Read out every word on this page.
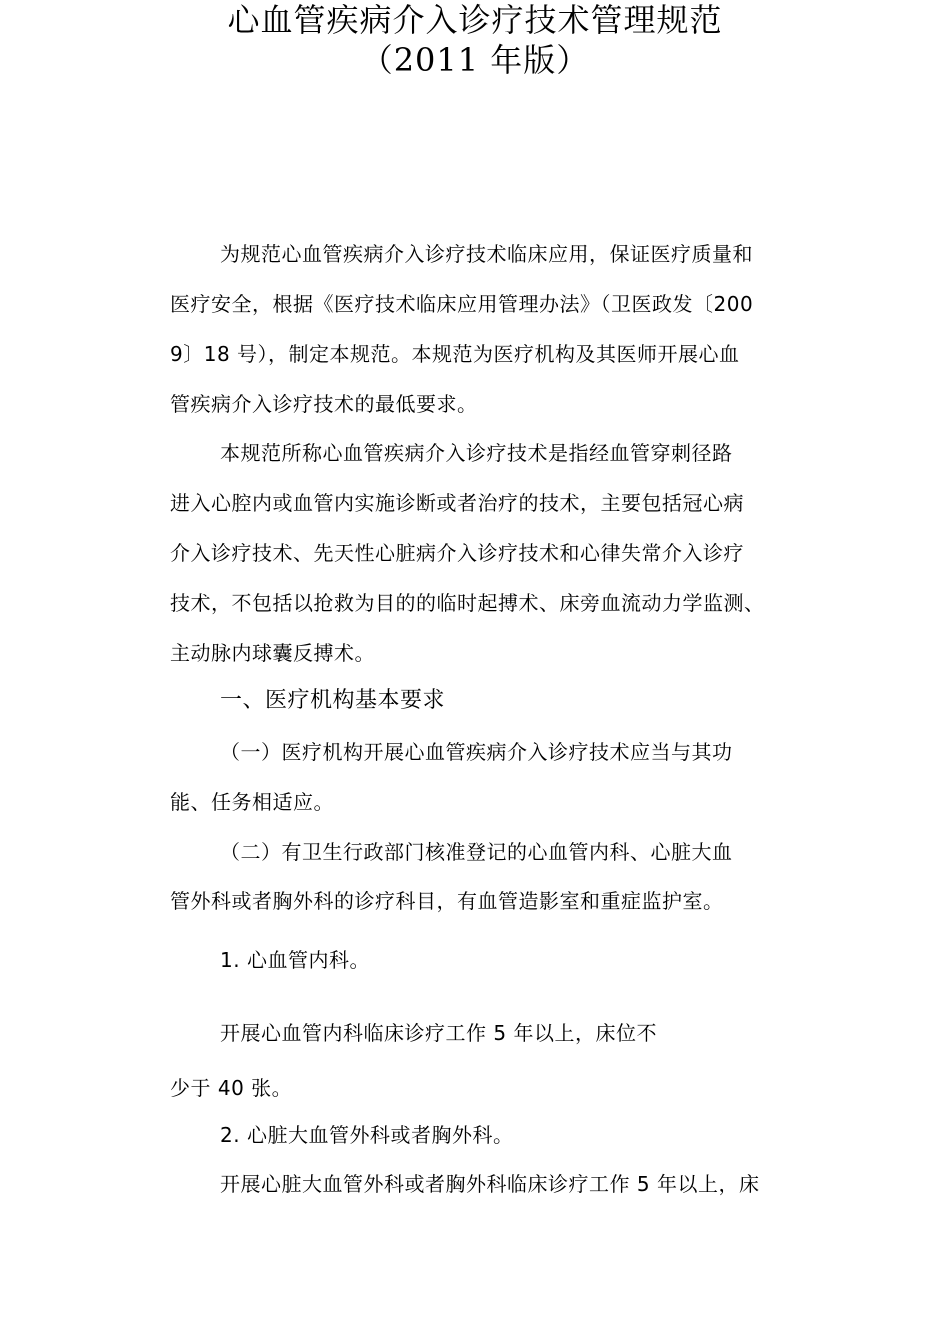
心血管疾病介入诊疗技术管理规范
（2011 年版）
为规范心血管疾病介入诊疗技术临床应用，保证医疗质量和
医疗安全，根据《医疗技术临床应用管理办法》（卫医政发〔200
9〕18 号），制定本规范。本规范为医疗机构及其医师开展心血
管疾病介入诊疗技术的最低要求。
本规范所称心血管疾病介入诊疗技术是指经血管穿刺径路
进入心腔内或血管内实施诊断或者治疗的技术，主要包括冠心病
介入诊疗技术、先天性心脏病介入诊疗技术和心律失常介入诊疗
技术，不包括以抢救为目的的临时起搏术、床旁血流动力学监测、
主动脉内球囊反搏术。
一、医疗机构基本要求
（一）医疗机构开展心血管疾病介入诊疗技术应当与其功
能、任务相适应。
（二）有卫生行政部门核准登记的心血管内科、心脏大血
管外科或者胸外科的诊疗科目，有血管造影室和重症监护室。
1. 心血管内科。
开展心血管内科临床诊疗工作 5 年以上，床位不
少于 40 张。
2. 心脏大血管外科或者胸外科。
开展心脏大血管外科或者胸外科临床诊疗工作 5 年以上，床
